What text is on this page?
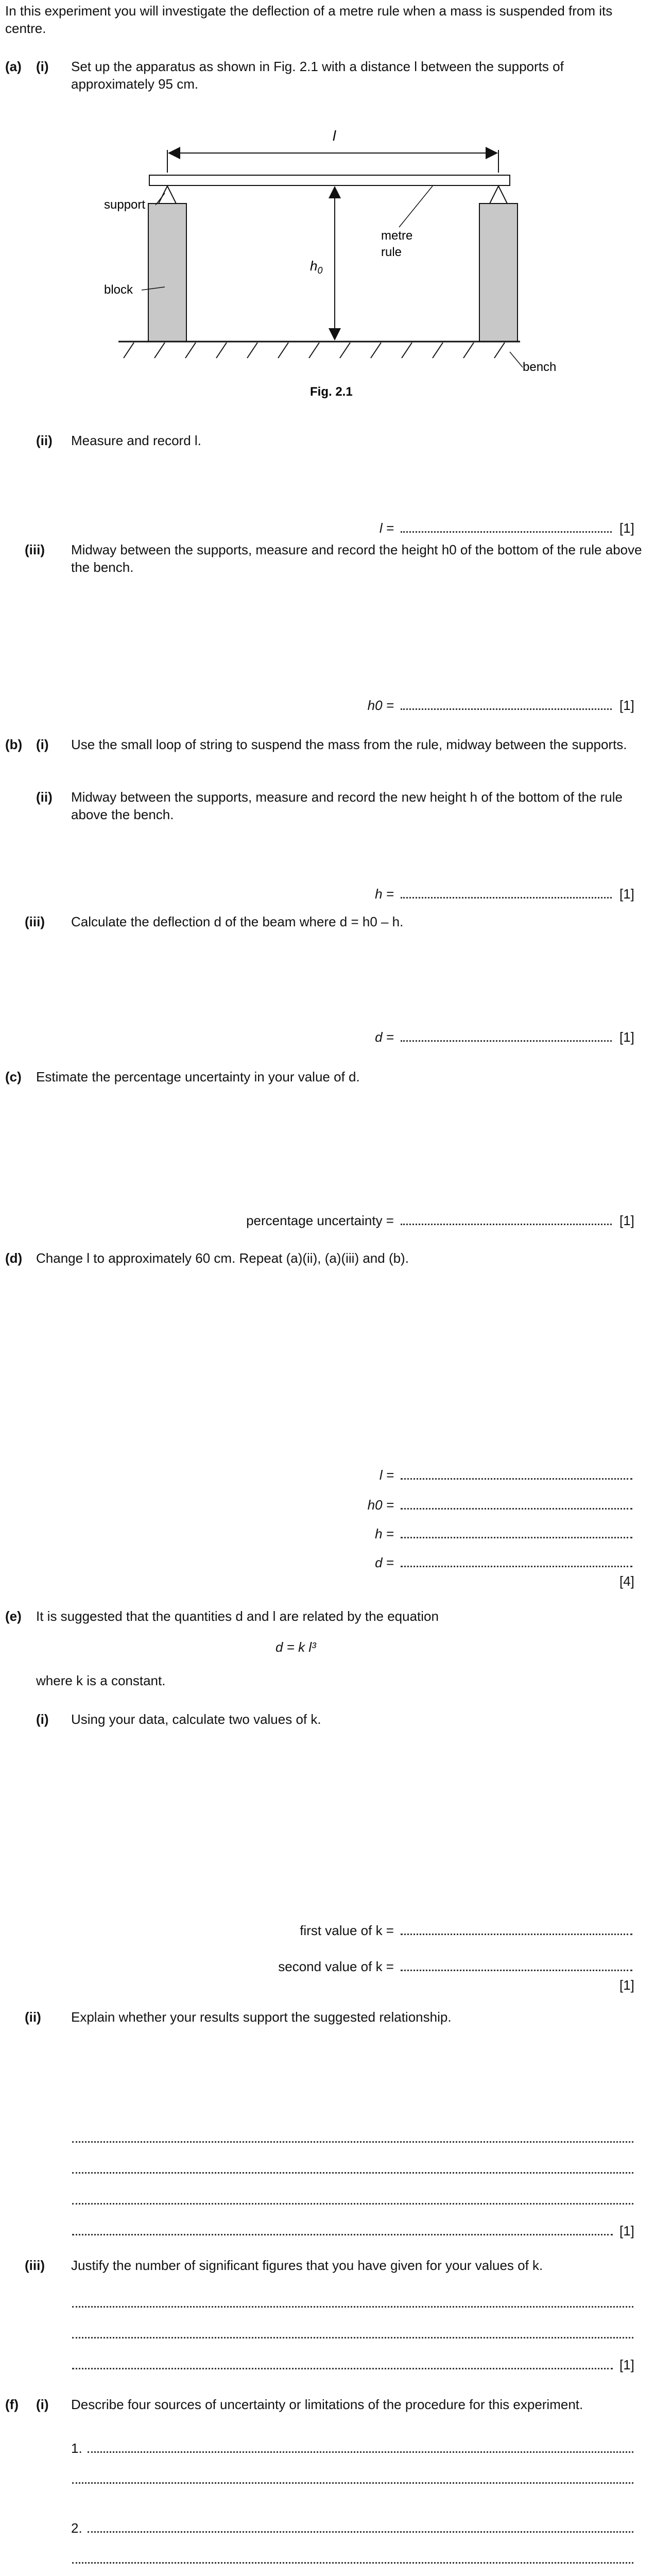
In this experiment you will investigate the deflection of a metre rule when a mass is suspended from its centre.
(a) (i) Set up the apparatus as shown in Fig. 2.1 with a distance l between the supports of approximately 95 cm.
l
$h_0$
support
block
metre
rule
bench
Fig. 2.1
(ii) Measure and record l.
l =	[1]
(iii) Midway between the supports, measure and record the height h0 of the bottom of the rule above the bench.
h0 =	[1]
(b) (i) Use the small loop of string to suspend the mass from the rule, midway between the supports.
(ii) Midway between the supports, measure and record the new height h of the bottom of the rule above the bench.
h =	[1]
(iii) Calculate the deflection d of the beam where d = h0 – h.
d =	[1]
(c) Estimate the percentage uncertainty in your value of d.
percentage uncertainty =	[1]
(d) Change l to approximately 60 cm. Repeat (a)(ii), (a)(iii) and (b).
l =
h0 =
h =
d =
[4]
(e) It is suggested that the quantities d and l are related by the equation
d = k l³
where k is a constant.
(i) Using your data, calculate two values of k.
first value of k =
second value of k =
[1]
(ii) Explain whether your results support the suggested relationship.
[1]
(iii) Justify the number of significant figures that you have given for your values of k.
[1]
(f) (i) Describe four sources of uncertainty or limitations of the procedure for this experiment.
1.
2.
